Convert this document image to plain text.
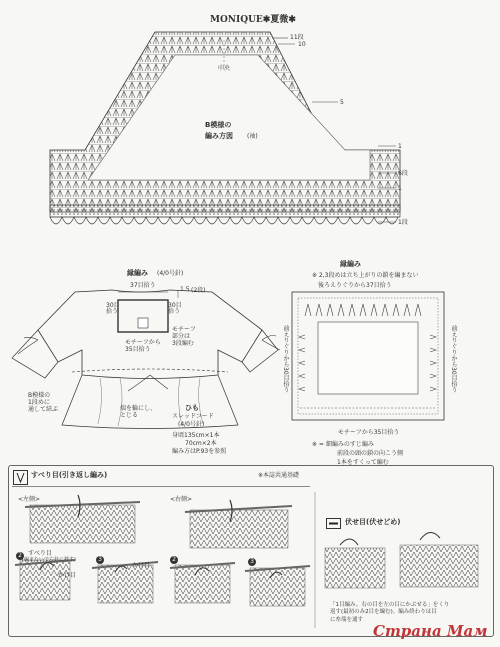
MONIQUE✱夏微✱
中央
B模様の
編み方図 (袖)
11段
10
5
1
6段
1
1段
縁編み (4/0号針)
37目拾う
1.5 (2段)
30目
拾う
30目
拾う
モチーフ
部分は
3段編む
モチーフから
35目拾う
B模様の
1段めに
通して結ぶ	端を輪にし、
とじる
ひも
スレッドコード
(4/0号針)
身頃135cm×1本
70cm×2本
編み方はP.93を参照
縁編み
※ 2,3段めは立ち上がりの鎖を編まない
後ろえりぐりから37目拾う
前えりぐりから30目拾う	前えりぐりから30目拾う
モチーフから35目拾う
※ = 細編みのすじ編み
前段の頭の鎖の向こう側
1本をすくって編む
すべり目(引き返し編み)	※本誌共通基礎
<左側>	<右側>
2
3	2	3
すべり目
(編まないで右針に移す)
かけ目
かけ目
伏せ目(伏せどめ)
「1目編み、右の目を左の目にかぶせる」をくり
返す(最初のみ2目を編む)。編み終わりは目
に糸端を通す
Страна Мам
